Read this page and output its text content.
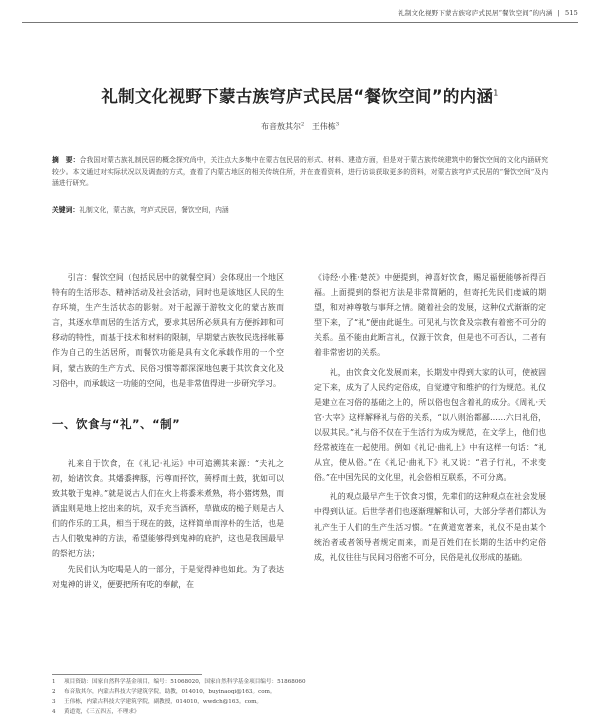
礼制文化视野下蒙古族穹庐式民居“餐饮空间”的内涵 | 515
礼制文化视野下蒙古族穹庐式民居“餐饮空间”的内涵$^1$
布音敖其尔$^2$ 王伟栋$^3$
摘　要：合我国对蒙古族礼制民居的概念探究尚中，关注点大多集中在蒙古包民居的形式、材料、建造方面，但是对于蒙古族传统建筑中的餐饮空间的文化内涵研究较少。本文通过对实际状况以及调查的方式，查看了内蒙古地区的相关传统住所，并在查看资料，进行访谈获取更多的资料，对蒙古族穹庐式民居的“餐饮空间”及内涵进行研究。
关键词：礼制文化，蒙古族，穹庐式民居，餐饮空间，内涵

引言：餐饮空间（包括民居中的就餐空间）会体现出一个地区特有的生活形态、精神活动及社会活动，同时也是该地区人民的生存环境，生产生活状态的影射。对于起源于游牧文化的蒙古族而言，其逐水草而居的生活方式，要求其居所必须具有方便拆卸和可移动的特性，而基于技术和材料的限制，早期蒙古族牧民选择帐幕作为自己的生活居所，而餐饮功能是具有文化承载作用的一个空间，蒙古族的生产方式、民俗习惯等都深深地包裹于其饮食文化及习俗中，而承载这一功能的空间，也是非常值得进一步研究学习。

一、饮食与“礼”、“制”

礼来自于饮食，在《礼记·礼运》中可追溯其来源：“夫礼之初，始诸饮食。其燔黍捭豚，污尊而抔饮，蒉桴而土鼓，犹如可以致其敬于鬼神。”就是说古人们在火上将黍米煮熟，将小猪烤熟，而酒盅则是地上挖出来的坑，双手充当酒杯，草做成的槌子则是古人们的作乐的工具，相当于现在的鼓，这样简单而淳朴的生活，也是古人们敬鬼神的方法，希望能够得到鬼神的庇护，这也是我国最早的祭祀方法；

先民们认为吃喝是人的一部分，于是觉得神也如此。为了表达对鬼神的讲义，便要把所有吃的奉献，在

《诗经·小雅·楚茨》中便提到，神喜好饮食，赐足福便能够祈得百福。上面提到的祭祀方法是非常简陋的，但寄托先民们虔诚的期望，和对神尊敬与事拜之情。随着社会的发展，这种仪式渐渐的定型下来，了“礼”便由此诞生。可见礼与饮食及宗教有着密不可分的关系。虽不能由此断言礼，仅源于饮食，但是也不可否认，二者有着非常密切的关系。

礼，由饮食文化发展而来，长期发中得到大家的认可，使被固定下来，成为了人民约定俗成，自觉遵守和维护的行为规范。礼仪是建立在习俗的基础之上的，所以俗也包含着礼的成分。《周礼·天官·大宰》这样解释礼与俗的关系，“以八则治都鄙……六曰礼俗，以驭其民。”礼与俗不仅在于生活行为成为规范，在文学上，他们也经常被连在一起使用。例如《礼记·曲礼上》中有这样一句话：“礼从宜，使从俗。”在《礼记·曲礼下》礼又说：“君子行礼，不求变俗。”在中国先民的文化里，礼会俗相互联系，不可分离。

礼的观点最早产生于饮食习惯，先辈们的这种观点在社会发展中得到认证。后世学者们也逐渐理解和认可，大部分学者们都认为礼产生于人们的生产生活习惯。“在黄道宽著来，礼仪不是由某个统治者或者领导者规定而来，而是百姓们在长期的生活中约定俗成，礼仪往往与民间习俗密不可分，民俗是礼仪形成的基础。

1 项目资助：国家自然科学基金项目，编号：51068020，国家自然科学基金项目编号：51868060
2 布音敖其尔，内蒙古科技大学建筑学院，助教，014010，buyinaoqi@163。com。
3 王伟栋，内蒙古科技大学建筑学院，副教授，014010，wwdch@163。com。
4 黄道宽，《三五四五，不理求》
